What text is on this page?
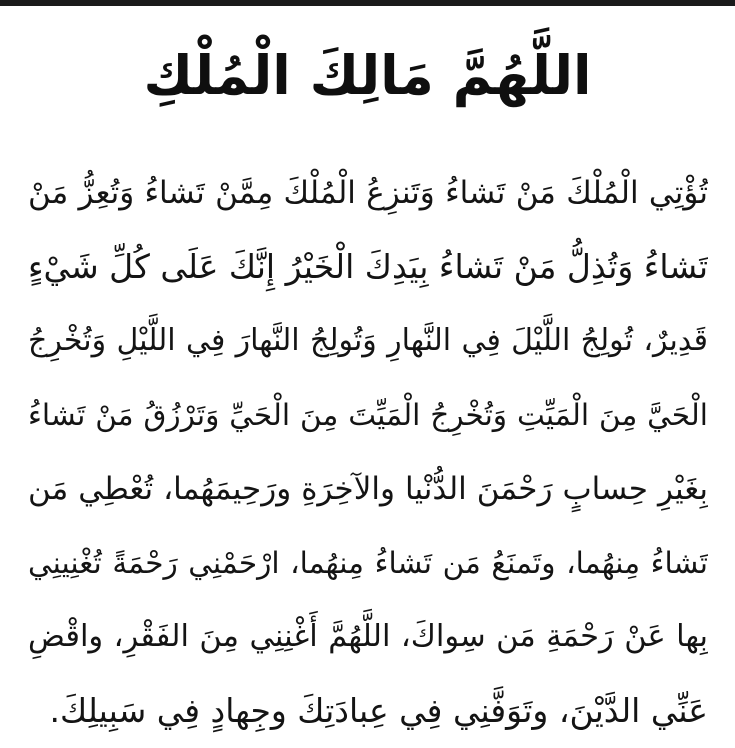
اللَّهُمَّ مَالِكَ الْمُلْكِ
تُؤْتِي الْمُلْكَ مَنْ تَشاءُ وَتَنزِعُ الْمُلْكَ مِمَّنْ تَشاءُ وَتُعِزُّ مَنْ
تَشاءُ وَتُذِلُّ مَنْ تَشاءُ بِيَدِكَ الْخَيْرُ إِنَّكَ عَلَى كُلِّ شَيْءٍ
قَدِيرٌ، تُولِجُ اللَّيْلَ فِي النَّهارِ وَتُولِجُ النَّهارَ فِي اللَّيْلِ وَتُخْرِجُ
الْحَيَّ مِنَ الْمَيِّتِ وَتُخْرِجُ الْمَيِّتَ مِنَ الْحَيِّ وَتَرْزُقُ مَنْ تَشاءُ
بِغَيْرِ حِسابٍ رَحْمَنَ الدُّنْيا والآخِرَةِ ورَحِيمَهُما، تُعْطِي مَن
تَشاءُ مِنهُما، وتَمنَعُ مَن تَشاءُ مِنهُما، ارْحَمْنِي رَحْمَةً تُغْنِينِي
بِها عَنْ رَحْمَةِ مَن سِواكَ، اللَّهُمَّ أَغْنِنِي مِنَ الفَقْرِ، واقْضِ
عَنِّي الدَّيْنَ، وتَوَفَّنِي فِي عِبادَتِكَ وجِهادٍ فِي سَبِيلِكَ.
